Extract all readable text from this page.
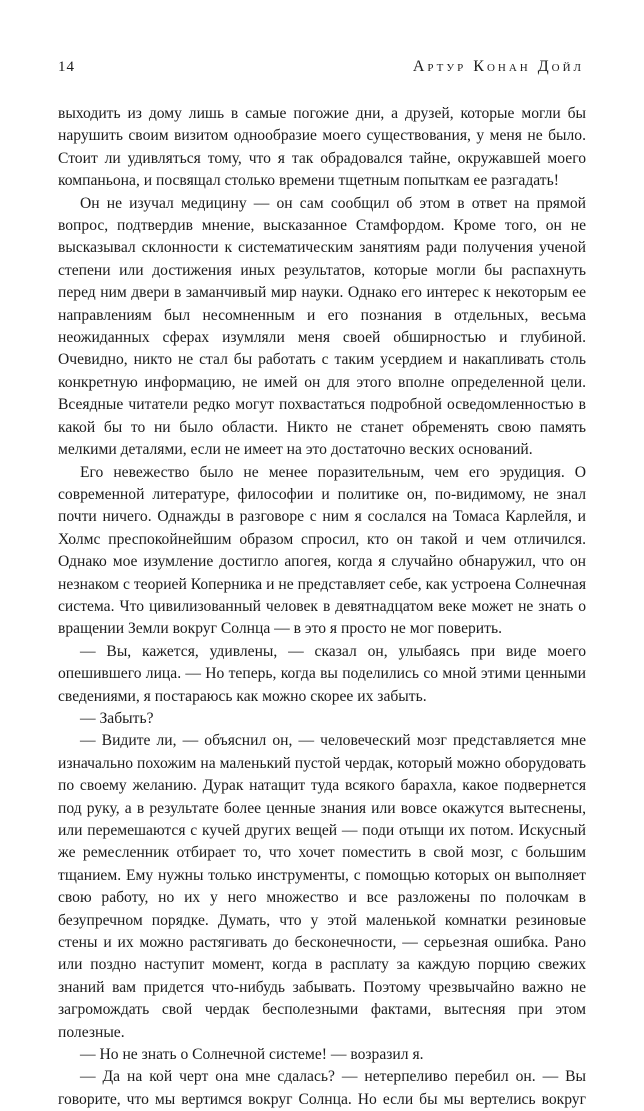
14	Артур Конан Дойл

выходить из дому лишь в самые погожие дни, а друзей, которые могли бы нарушить своим визитом однообразие моего существования, у меня не было. Стоит ли удивляться тому, что я так обрадовался тайне, окружавшей моего компаньона, и посвящал столько времени тщетным попыткам ее разгадать!

Он не изучал медицину — он сам сообщил об этом в ответ на прямой вопрос, подтвердив мнение, высказанное Стамфордом. Кроме того, он не высказывал склонности к систематическим занятиям ради получения ученой степени или достижения иных результатов, которые могли бы распахнуть перед ним двери в заманчивый мир науки. Однако его интерес к некоторым ее направлениям был несомненным и его познания в отдельных, весьма неожиданных сферах изумляли меня своей обширностью и глубиной. Очевидно, никто не стал бы работать с таким усердием и накапливать столь конкретную информацию, не имей он для этого вполне определенной цели. Всеядные читатели редко могут похвастаться подробной осведомленностью в какой бы то ни было области. Никто не станет обременять свою память мелкими деталями, если не имеет на это достаточно веских оснований.

Его невежество было не менее поразительным, чем его эрудиция. О современной литературе, философии и политике он, по-видимому, не знал почти ничего. Однажды в разговоре с ним я сослался на Томаса Карлейля, и Холмс преспокойнейшим образом спросил, кто он такой и чем отличился. Однако мое изумление достигло апогея, когда я случайно обнаружил, что он незнаком с теорией Коперника и не представляет себе, как устроена Солнечная система. Что цивилизованный человек в девятнадцатом веке может не знать о вращении Земли вокруг Солнца — в это я просто не мог поверить.

— Вы, кажется, удивлены, — сказал он, улыбаясь при виде моего опешившего лица. — Но теперь, когда вы поделились со мной этими ценными сведениями, я постараюсь как можно скорее их забыть.

— Забыть?

— Видите ли, — объяснил он, — человеческий мозг представляется мне изначально похожим на маленький пустой чердак, который можно оборудовать по своему желанию. Дурак натащит туда всякого барахла, какое подвернется под руку, а в результате более ценные знания или вовсе окажутся вытеснены, или перемешаются с кучей других вещей — поди отыщи их потом. Искусный же ремесленник отбирает то, что хочет поместить в свой мозг, с большим тщанием. Ему нужны только инструменты, с помощью которых он выполняет свою работу, но их у него множество и все разложены по полочкам в безупречном порядке. Думать, что у этой маленькой комнатки резиновые стены и их можно растягивать до бесконечности, — серьезная ошибка. Рано или поздно наступит момент, когда в расплату за каждую порцию свежих знаний вам придется что-нибудь забывать. Поэтому чрезвычайно важно не загромождать свой чердак бесполезными фактами, вытесняя при этом полезные.

— Но не знать о Солнечной системе! — возразил я.

— Да на кой черт она мне сдалась? — нетерпеливо перебил он. — Вы говорите, что мы вертимся вокруг Солнца. Но если бы мы вертелись вокруг
